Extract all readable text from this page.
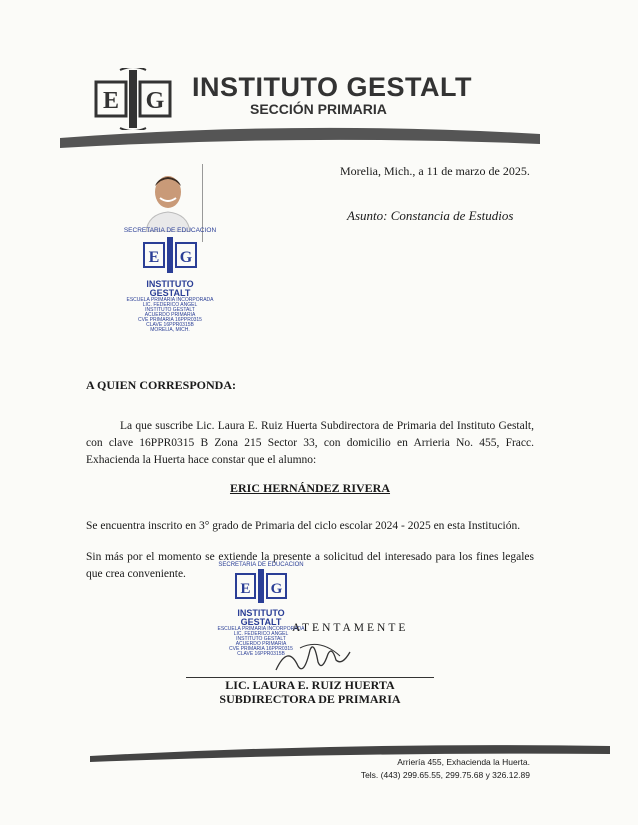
E G INSTITUTO GESTALT
SECCIÓN PRIMARIA
Morelia, Mich., a 11 de marzo de 2025.
Asunto: Constancia de Estudios
SECRETARIA DE EDUCACION
E G
INSTITUTO
GESTALT
ESCUELA PRIMARIA INCORPORADA
LIC. FEDERICO ANGEL
INSTITUTO GESTALT
ACUERDO PRIMARIA
CVE PRIMARIA 16PPR0315
CLAVE 16PPR0315B
MORELIA, MICH.
A QUIEN CORRESPONDA:

La que suscribe Lic. Laura E. Ruiz Huerta Subdirectora de Primaria del Instituto Gestalt, con clave 16PPR0315 B Zona 215 Sector 33, con domicilio en Arrieria No. 455, Fracc. Exhacienda la Huerta hace constar que el alumno:

ERIC HERNÁNDEZ RIVERA

Se encuentra inscrito en 3° grado de Primaria del ciclo escolar 2024 - 2025 en esta Institución.

Sin más por el momento se extiende la presente a solicitud del interesado para los fines legales que crea conveniente.

SECRETARIA DE EDUCACION
E G
INSTITUTO
GESTALT
ESCUELA PRIMARIA INCORPORADA
LIC. FEDERICO ANGEL
INSTITUTO GESTALT
ACUERDO PRIMARIA
CVE PRIMARIA 16PPR0315
CLAVE 16PPR0315B
ATENTAMENTE
LIC. LAURA E. RUIZ HUERTA
SUBDIRECTORA DE PRIMARIA
Arriería 455, Exhacienda la Huerta.
Tels. (443) 299.65.55, 299.75.68 y 326.12.89
